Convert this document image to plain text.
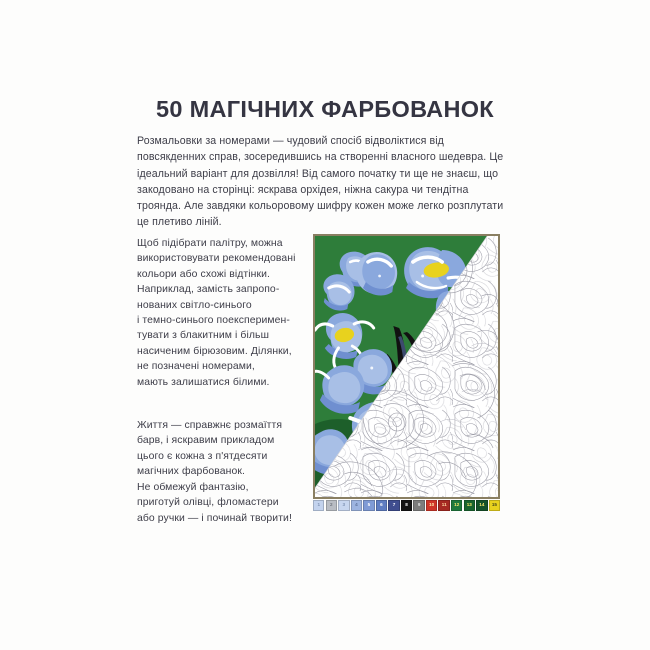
50 МАГІЧНИХ ФАРБОВАНОК
Розмальовки за номерами — чудовий спосіб відволіктися від повсякденних справ, зосередившись на створенні власного шедевра. Це ідеальний варіант для дозвілля! Від самого початку ти ще не знаєш, що закодовано на сторінці: яскрава орхідея, ніжна сакура чи тендітна троянда. Але завдяки кольоровому шифру кожен може легко розплутати це плетиво ліній.

Щоб підібрати палітру, можна
використовувати рекомендовані
кольори або схожі відтінки.
Наприклад, замість запропо-
нованих світло-синього
і темно-синього поексперимен-
тувати з блакитним і більш
насиченим бірюзовим. Ділянки,
не позначені номерами,
мають залишатися білими.

Життя — справжнє розмаїття
барв, і яскравим прикладом
цього є кожна з п'ятдесяти
магічних фарбованок.
Не обмежуй фантазію,
приготуй олівці, фломастери
або ручки — і починай творити!

1 2 3 4 5 6 7 8 9 10 11 12 13 14 15
